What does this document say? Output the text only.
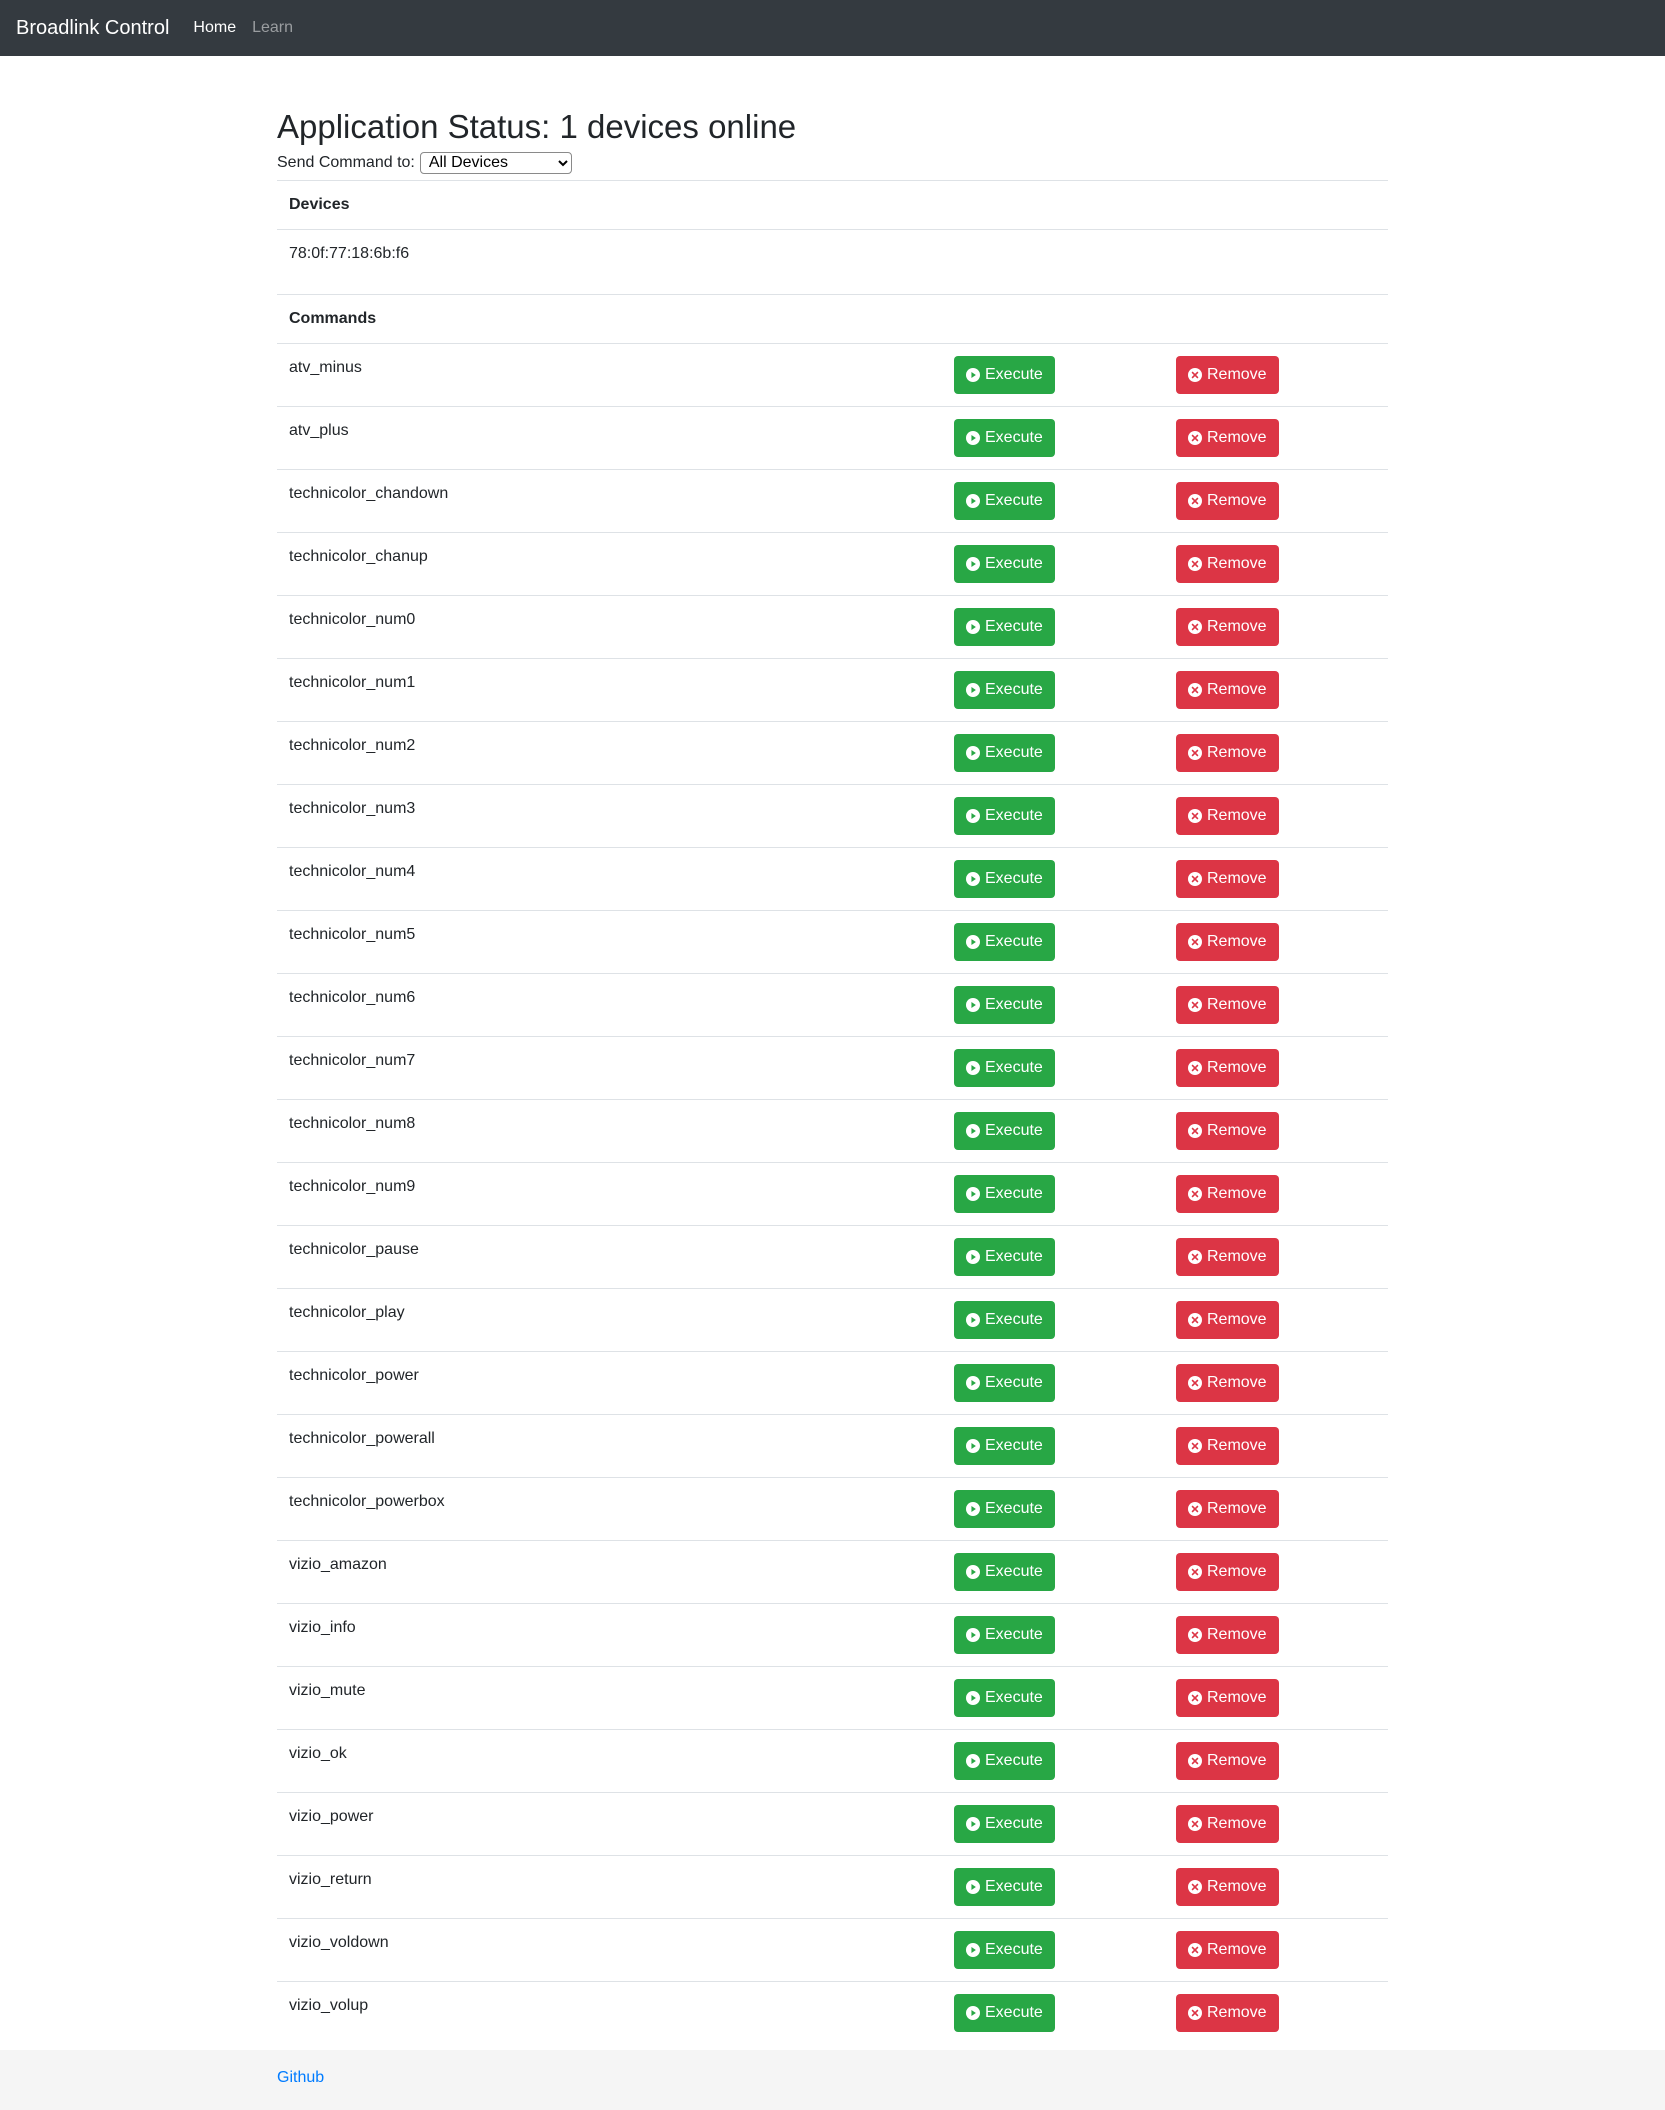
Broadlink Control Home Learn
Application Status: 1 devices online
Send Command to:
All Devices
Devices		
78:0f:77:18:6b:f6		
Commands		
atv_minus	Execute	Remove

atv_plus	Execute	Remove

technicolor_chandown	Execute	Remove

technicolor_chanup	Execute	Remove

technicolor_num0	Execute	Remove

technicolor_num1	Execute	Remove

technicolor_num2	Execute	Remove

technicolor_num3	Execute	Remove

technicolor_num4	Execute	Remove

technicolor_num5	Execute	Remove

technicolor_num6	Execute	Remove

technicolor_num7	Execute	Remove

technicolor_num8	Execute	Remove

technicolor_num9	Execute	Remove

technicolor_pause	Execute	Remove

technicolor_play	Execute	Remove

technicolor_power	Execute	Remove

technicolor_powerall	Execute	Remove

technicolor_powerbox	Execute	Remove

vizio_amazon	Execute	Remove

vizio_info	Execute	Remove

vizio_mute	Execute	Remove

vizio_ok	Execute	Remove

vizio_power	Execute	Remove

vizio_return	Execute	Remove

vizio_voldown	Execute	Remove

vizio_volup	Execute	Remove
Github
